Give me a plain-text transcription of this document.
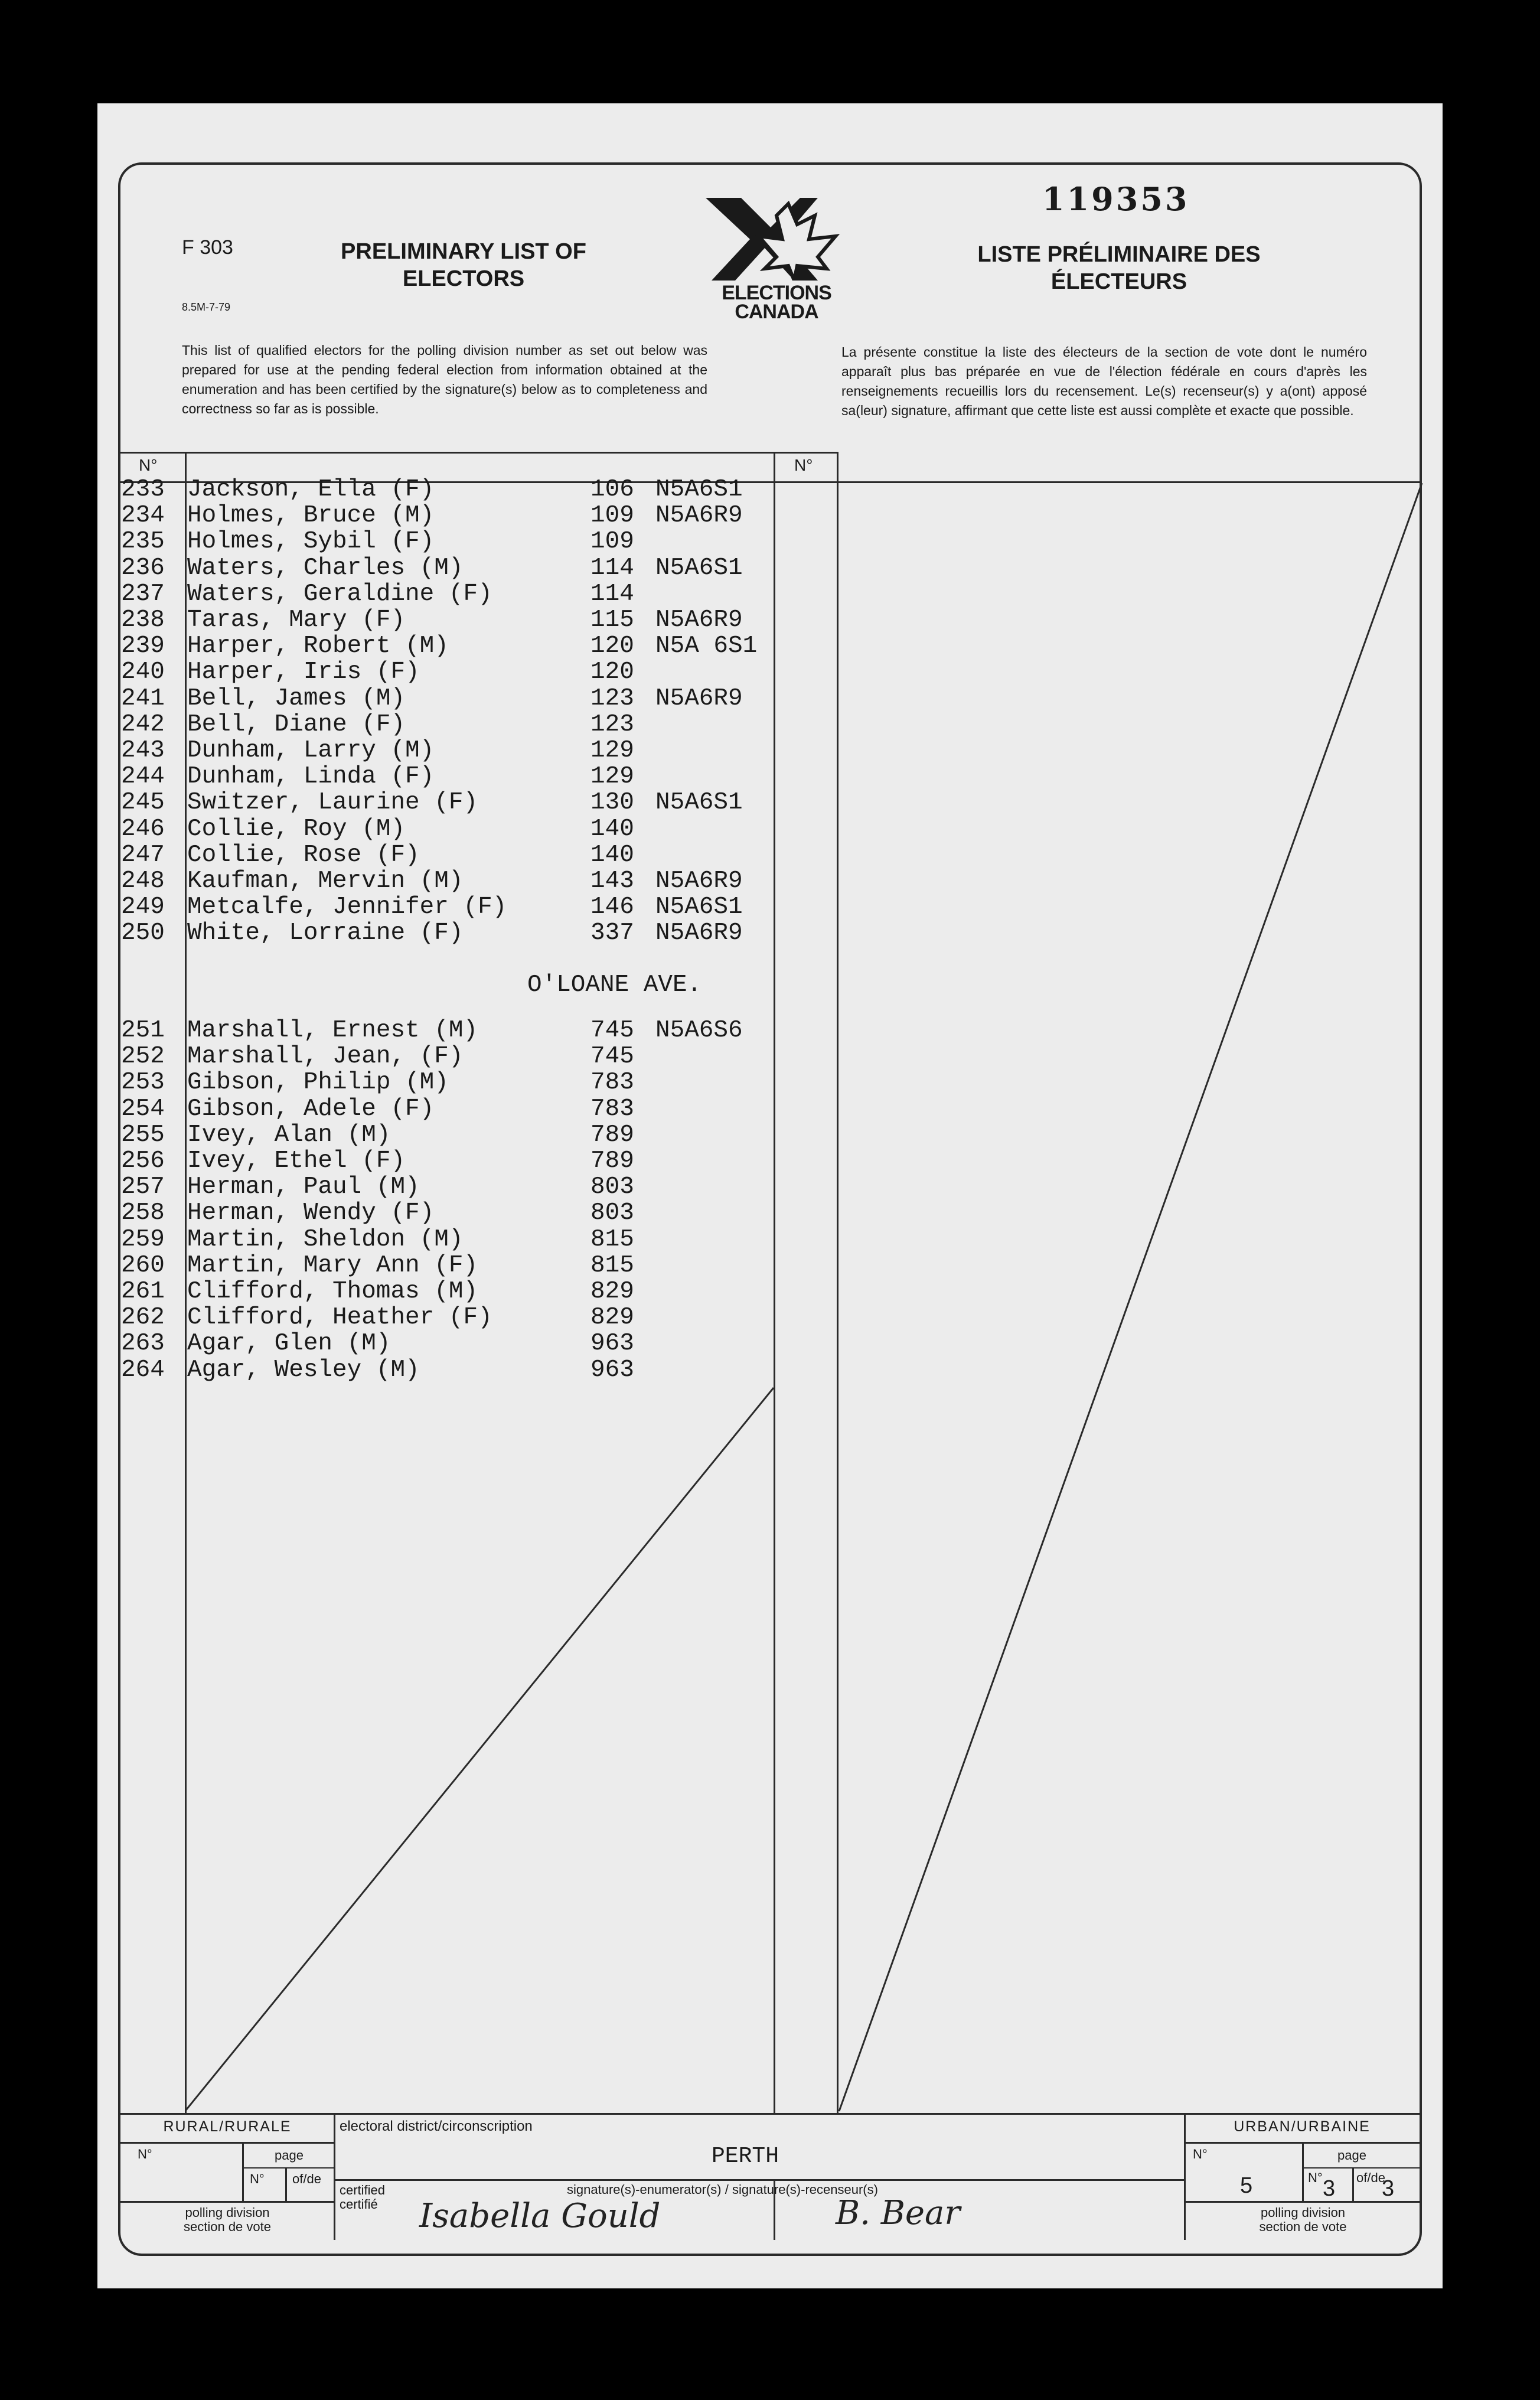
F 303
8.5M-7-79
PRELIMINARY LIST OF
ELECTORS
ELECTIONS
CANADA
119353
LISTE PRÉLIMINAIRE DES
ÉLECTEURS
This list of qualified electors for the polling division number as set out below was prepared for use at the pending federal election from information obtained at the enumeration and has been certified by the signature(s) below as to completeness and correctness so far as is possible.
La présente constitue la liste des électeurs de la section de vote dont le numéro apparaît plus bas préparée en vue de l'élection fédérale en cours d'après les renseignements recueillis lors du recensement. Le(s) recenseur(s) y a(ont) apposé sa(leur) signature, affirmant que cette liste est aussi complète et exacte que possible.
N°	N°
233 Jackson, Ella (F)	106 N5A6S1
234 Holmes, Bruce (M)	109 N5A6R9
235 Holmes, Sybil (F)	109
236 Waters, Charles (M)	114 N5A6S1
237 Waters, Geraldine (F)	114
238 Taras, Mary (F)	115 N5A6R9
239 Harper, Robert (M)	120 N5A 6S1
240 Harper, Iris (F)	120
241 Bell, James (M)	123 N5A6R9
242 Bell, Diane (F)	123
243 Dunham, Larry (M)	129
244 Dunham, Linda (F)	129
245 Switzer, Laurine (F)	130 N5A6S1
246 Collie, Roy (M)	140
247 Collie, Rose (F)	140
248 Kaufman, Mervin (M)	143 N5A6R9
249 Metcalfe, Jennifer (F)	146 N5A6S1
250 White, Lorraine (F)	337 N5A6R9
251 Marshall, Ernest (M)	745 N5A6S6
252 Marshall, Jean, (F)	745
253 Gibson, Philip (M)	783
254 Gibson, Adele (F)	783
255 Ivey, Alan (M)	789
256 Ivey, Ethel (F)	789
257 Herman, Paul (M)	803
258 Herman, Wendy (F)	803
259 Martin, Sheldon (M)	815
260 Martin, Mary Ann (F)	815
261 Clifford, Thomas (M)	829
262 Clifford, Heather (F)	829
263 Agar, Glen (M)	963
264 Agar, Wesley (M)	963
O'LOANE AVE.
RURAL/RURALE	URBAN/URBAINE
N°	page
N° of/de
polling division
section de vote
N°	page
N°	of/de
5	3 3
polling division
section de vote
electoral district/circonscription
PERTH
certified
certifié
signature(s)-enumerator(s) / signature(s)-recenseur(s)
Isabella Gould	B. Bear
